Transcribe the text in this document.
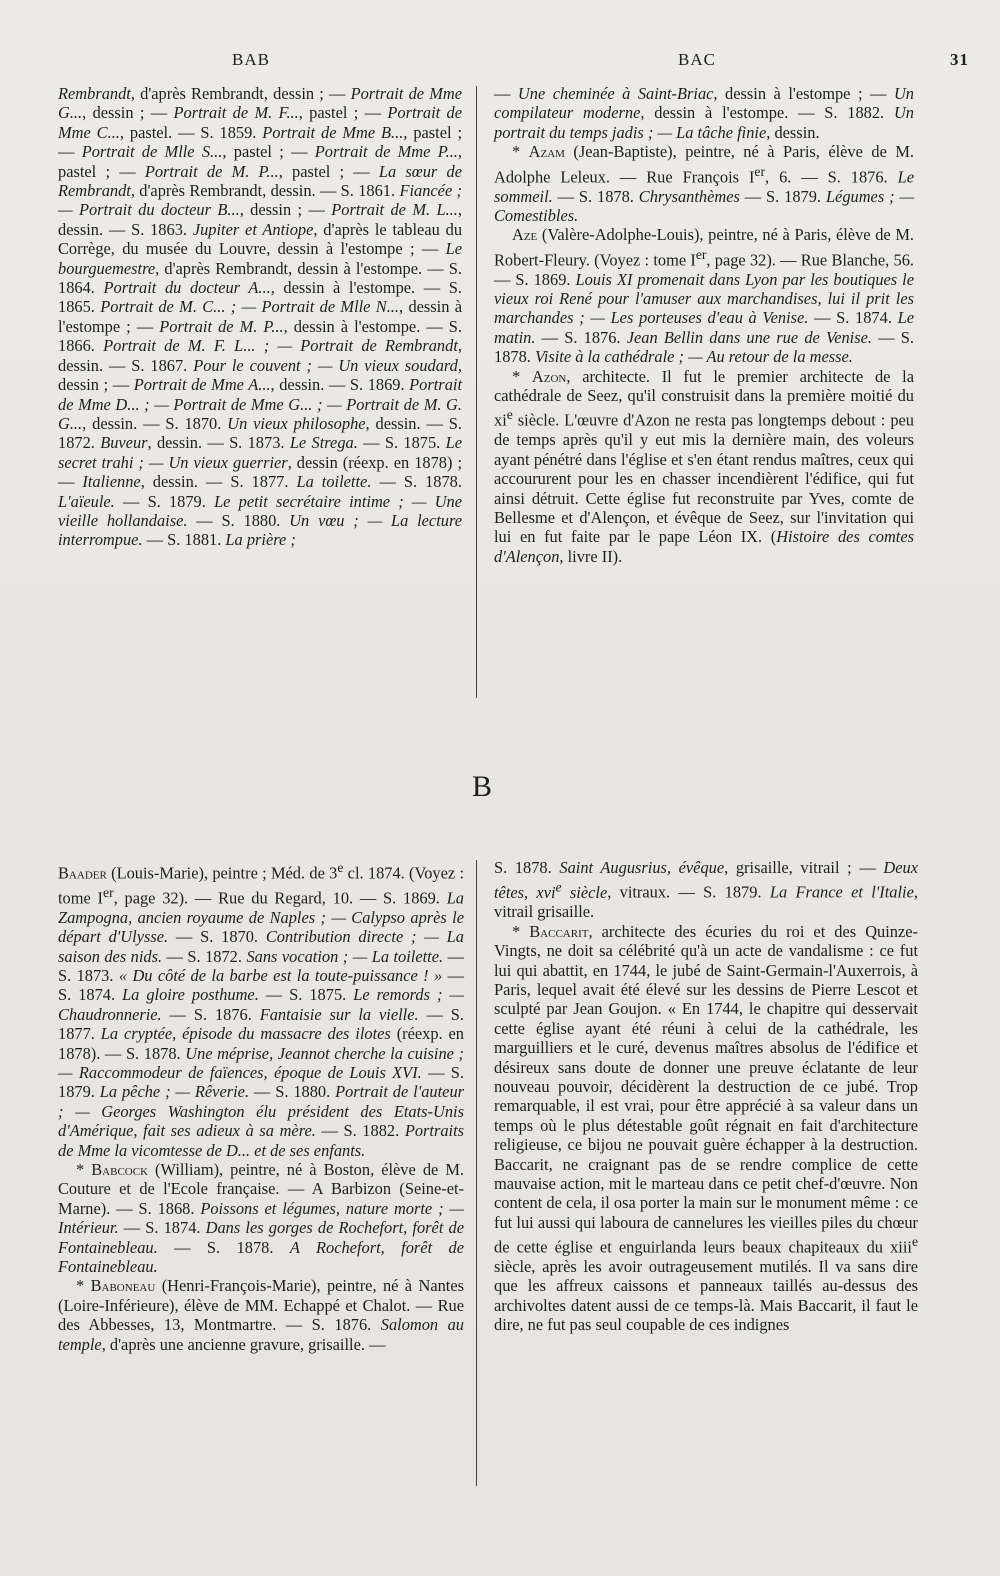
BAB	BAC	31

Rembrandt, d'après Rembrandt, dessin ; — Portrait de Mme G..., dessin ; — Portrait de M. F..., pastel ; — Portrait de Mme C..., pastel. — S. 1859. Portrait de Mme B..., pastel ; — Portrait de Mlle S..., pastel ; — Portrait de Mme P..., pastel ; — Portrait de M. P..., pastel ; — La sœur de Rembrandt, d'après Rembrandt, dessin. — S. 1861. Fiancée ; — Portrait du docteur B..., dessin ; — Portrait de M. L..., dessin. — S. 1863. Jupiter et Antiope, d'après le tableau du Corrège, du musée du Louvre, dessin à l'estompe ; — Le bourguemestre, d'après Rembrandt, dessin à l'estompe. — S. 1864. Portrait du docteur A..., dessin à l'estompe. — S. 1865. Portrait de M. C... ; — Portrait de Mlle N..., dessin à l'estompe ; — Portrait de M. P..., dessin à l'estompe. — S. 1866. Portrait de M. F. L... ; — Portrait de Rembrandt, dessin. — S. 1867. Pour le couvent ; — Un vieux soudard, dessin ; — Portrait de Mme A..., dessin. — S. 1869. Portrait de Mme D... ; — Portrait de Mme G... ; — Portrait de M. G. G..., dessin. — S. 1870. Un vieux philosophe, dessin. — S. 1872. Buveur, dessin. — S. 1873. Le Strega. — S. 1875. Le secret trahi ; — Un vieux guerrier, dessin (réexp. en 1878) ; — Italienne, dessin. — S. 1877. La toilette. — S. 1878. L'aïeule. — S. 1879. Le petit secrétaire intime ; — Une vieille hollandaise. — S. 1880. Un vœu ; — La lecture interrompue. — S. 1881. La prière ;

— Une cheminée à Saint-Briac, dessin à l'estompe ; — Un compilateur moderne, dessin à l'estompe. — S. 1882. Un portrait du temps jadis ; — La tâche finie, dessin.

* Azam (Jean-Baptiste), peintre, né à Paris, élève de M. Adolphe Leleux. — Rue François Ier, 6. — S. 1876. Le sommeil. — S. 1878. Chrysanthèmes — S. 1879. Légumes ; — Comestibles.

Aze (Valère-Adolphe-Louis), peintre, né à Paris, élève de M. Robert-Fleury. (Voyez : tome Ier, page 32). — Rue Blanche, 56. — S. 1869. Louis XI promenait dans Lyon par les boutiques le vieux roi René pour l'amuser aux marchandises, lui il prit les marchandes ; — Les porteuses d'eau à Venise. — S. 1874. Le matin. — S. 1876. Jean Bellin dans une rue de Venise. — S. 1878. Visite à la cathédrale ; — Au retour de la messe.

* Azon, architecte. Il fut le premier architecte de la cathédrale de Seez, qu'il construisit dans la première moitié du $xi^e$ siècle. L'œuvre d'Azon ne resta pas longtemps debout : peu de temps après qu'il y eut mis la dernière main, des voleurs ayant pénétré dans l'église et s'en étant rendus maîtres, ceux qui accoururent pour les en chasser incendièrent l'édifice, qui fut ainsi détruit. Cette église fut reconstruite par Yves, comte de Bellesme et d'Alençon, et évêque de Seez, sur l'invitation qui lui en fut faite par le pape Léon IX. (Histoire des comtes d'Alençon, livre II).

B

Baader (Louis-Marie), peintre ; Méd. de 3e cl. 1874. (Voyez : tome Ier, page 32). — Rue du Regard, 10. — S. 1869. La Zampogna, ancien royaume de Naples ; — Calypso après le départ d'Ulysse. — S. 1870. Contribution directe ; — La saison des nids. — S. 1872. Sans vocation ; — La toilette. — S. 1873. « Du côté de la barbe est la toute-puissance ! » — S. 1874. La gloire posthume. — S. 1875. Le remords ; — Chaudronnerie. — S. 1876. Fantaisie sur la vielle. — S. 1877. La cryptée, épisode du massacre des ilotes (réexp. en 1878). — S. 1878. Une méprise, Jeannot cherche la cuisine ; — Raccommodeur de faïences, époque de Louis XVI. — S. 1879. La pêche ; — Rêverie. — S. 1880. Portrait de l'auteur ; — Georges Washington élu président des Etats-Unis d'Amérique, fait ses adieux à sa mère. — S. 1882. Portraits de Mme la vicomtesse de D... et de ses enfants.

* Babcock (William), peintre, né à Boston, élève de M. Couture et de l'Ecole française. — A Barbizon (Seine-et-Marne). — S. 1868. Poissons et légumes, nature morte ; — Intérieur. — S. 1874. Dans les gorges de Rochefort, forêt de Fontainebleau. — S. 1878. A Rochefort, forêt de Fontainebleau.

* Baboneau (Henri-François-Marie), peintre, né à Nantes (Loire-Inférieure), élève de MM. Echappé et Chalot. — Rue des Abbesses, 13, Montmartre. — S. 1876. Salomon au temple, d'après une ancienne gravure, grisaille. —

S. 1878. Saint Augusrius, évêque, grisaille, vitrail ; — Deux têtes, xvi$^e$ siècle, vitraux. — S. 1879. La France et l'Italie, vitrail grisaille.

* Baccarit, architecte des écuries du roi et des Quinze-Vingts, ne doit sa célébrité qu'à un acte de vandalisme : ce fut lui qui abattit, en 1744, le jubé de Saint-Germain-l'Auxerrois, à Paris, lequel avait été élevé sur les dessins de Pierre Lescot et sculpté par Jean Goujon. « En 1744, le chapitre qui desservait cette église ayant été réuni à celui de la cathédrale, les marguilliers et le curé, devenus maîtres absolus de l'édifice et désireux sans doute de donner une preuve éclatante de leur nouveau pouvoir, décidèrent la destruction de ce jubé. Trop remarquable, il est vrai, pour être apprécié à sa valeur dans un temps où le plus détestable goût régnait en fait d'architecture religieuse, ce bijou ne pouvait guère échapper à la destruction. Baccarit, ne craignant pas de se rendre complice de cette mauvaise action, mit le marteau dans ce petit chef-d'œuvre. Non content de cela, il osa porter la main sur le monument même : ce fut lui aussi qui laboura de cannelures les vieilles piles du chœur de cette église et enguirlanda leurs beaux chapiteaux du xiii$^e$ siècle, après les avoir outrageusement mutilés. Il va sans dire que les affreux caissons et panneaux taillés au-dessus des archivoltes datent aussi de ce temps-là. Mais Baccarit, il faut le dire, ne fut pas seul coupable de ces indignes
